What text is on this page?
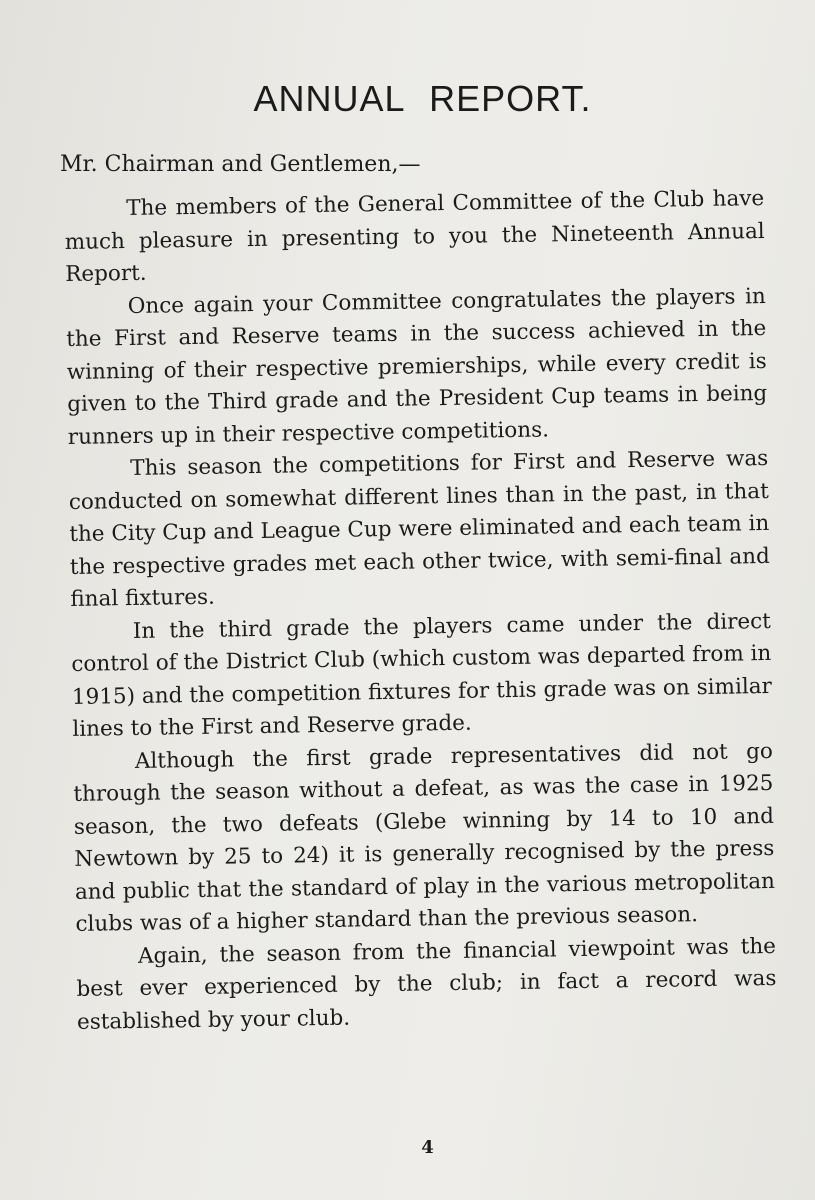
ANNUAL REPORT.

Mr. Chairman and Gentlemen,—

The members of the General Committee of the Club have much pleasure in presenting to you the Nineteenth Annual Report.

Once again your Committee congratulates the players in the First and Reserve teams in the success achieved in the winning of their respective premierships, while every credit is given to the Third grade and the President Cup teams in being runners up in their respective competitions.

This season the competitions for First and Reserve was conducted on somewhat different lines than in the past, in that the City Cup and League Cup were eliminated and each team in the respective grades met each other twice, with semi-final and final fixtures.

In the third grade the players came under the direct control of the District Club (which custom was departed from in 1915) and the competition fixtures for this grade was on similar lines to the First and Reserve grade.

Although the first grade representatives did not go through the season without a defeat, as was the case in 1925 season, the two defeats (Glebe winning by 14 to 10 and Newtown by 25 to 24) it is generally recognised by the press and public that the standard of play in the various metropolitan clubs was of a higher standard than the previous season.

Again, the season from the financial viewpoint was the best ever experienced by the club; in fact a record was established by your club.

4
